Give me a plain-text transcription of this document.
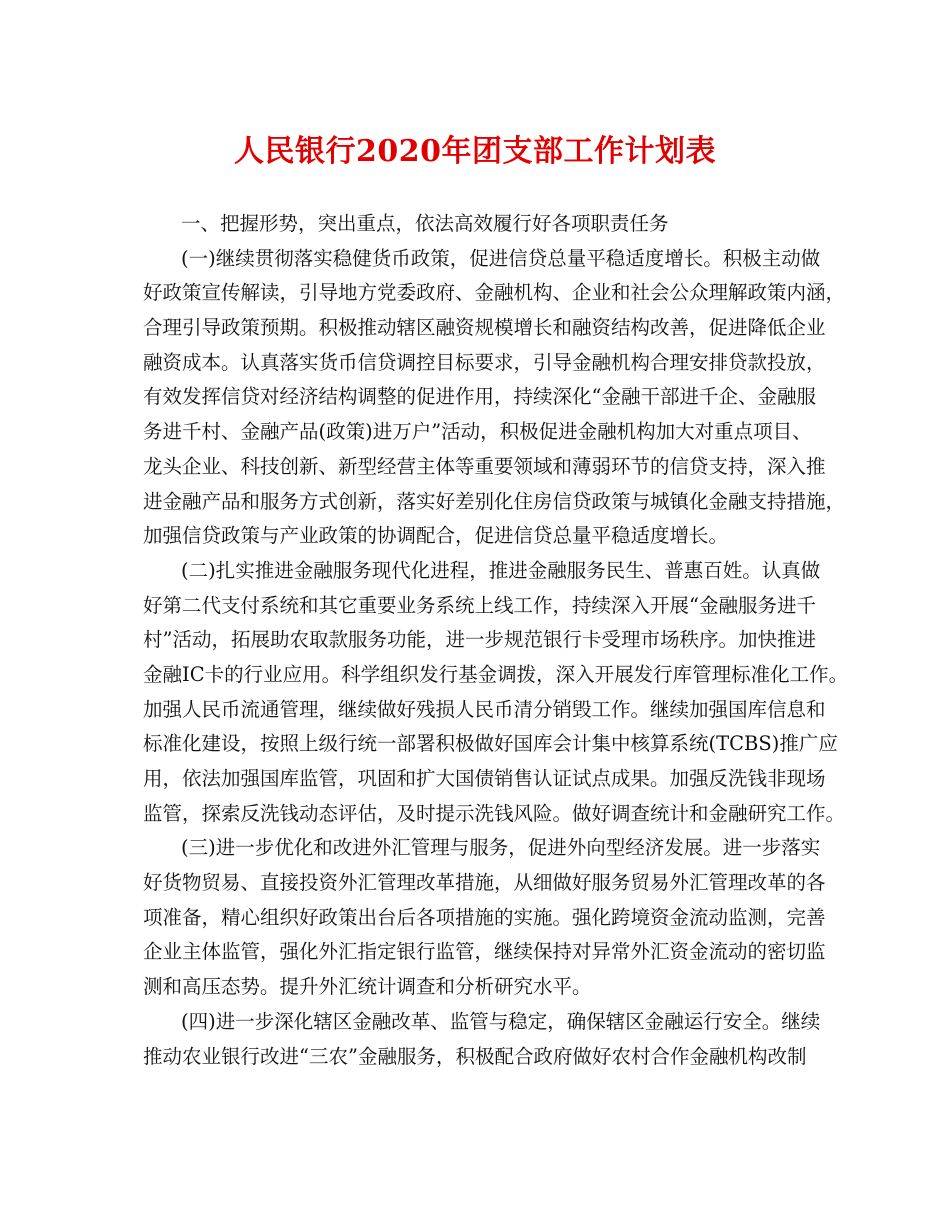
人民银行2020年团支部工作计划表
一、把握形势，突出重点，依法高效履行好各项职责任务
(一)继续贯彻落实稳健货币政策，促进信贷总量平稳适度增长。积极主动做
好政策宣传解读，引导地方党委政府、金融机构、企业和社会公众理解政策内涵，
合理引导政策预期。积极推动辖区融资规模增长和融资结构改善，促进降低企业
融资成本。认真落实货币信贷调控目标要求，引导金融机构合理安排贷款投放，
有效发挥信贷对经济结构调整的促进作用，持续深化“金融干部进千企、金融服
务进千村、金融产品(政策)进万户”活动，积极促进金融机构加大对重点项目、
龙头企业、科技创新、新型经营主体等重要领域和薄弱环节的信贷支持，深入推
进金融产品和服务方式创新，落实好差别化住房信贷政策与城镇化金融支持措施，
加强信贷政策与产业政策的协调配合，促进信贷总量平稳适度增长。
(二)扎实推进金融服务现代化进程，推进金融服务民生、普惠百姓。认真做
好第二代支付系统和其它重要业务系统上线工作，持续深入开展“金融服务进千
村”活动，拓展助农取款服务功能，进一步规范银行卡受理市场秩序。加快推进
金融IC卡的行业应用。科学组织发行基金调拨，深入开展发行库管理标准化工作。
加强人民币流通管理，继续做好残损人民币清分销毁工作。继续加强国库信息和
标准化建设，按照上级行统一部署积极做好国库会计集中核算系统(TCBS)推广应
用，依法加强国库监管，巩固和扩大国债销售认证试点成果。加强反洗钱非现场
监管，探索反洗钱动态评估，及时提示洗钱风险。做好调查统计和金融研究工作。
(三)进一步优化和改进外汇管理与服务，促进外向型经济发展。进一步落实
好货物贸易、直接投资外汇管理改革措施，从细做好服务贸易外汇管理改革的各
项准备，精心组织好政策出台后各项措施的实施。强化跨境资金流动监测，完善
企业主体监管，强化外汇指定银行监管，继续保持对异常外汇资金流动的密切监
测和高压态势。提升外汇统计调查和分析研究水平。
(四)进一步深化辖区金融改革、监管与稳定，确保辖区金融运行安全。继续
推动农业银行改进“三农”金融服务，积极配合政府做好农村合作金融机构改制
